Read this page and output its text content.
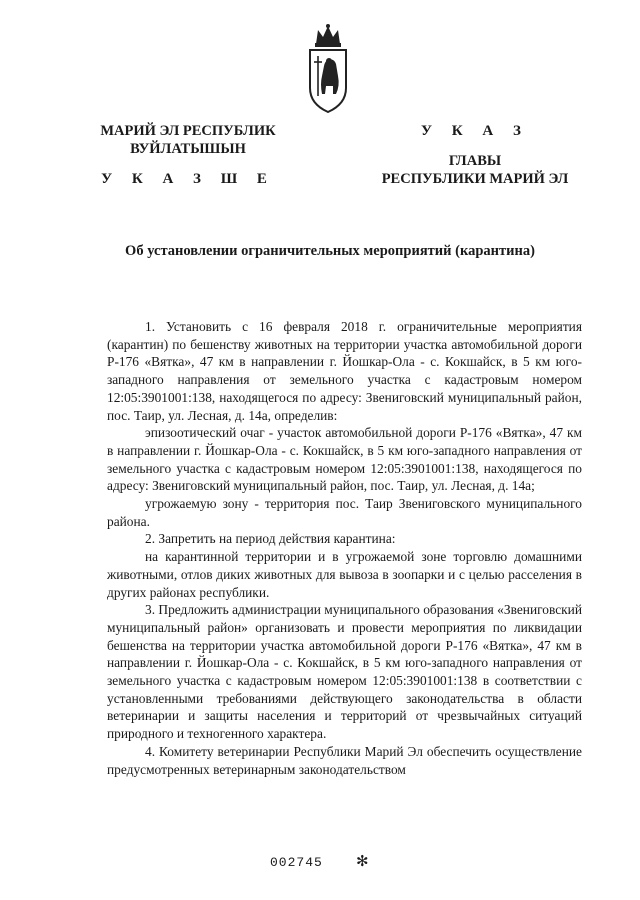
МАРИЙ ЭЛ РЕСПУБЛИК
ВУЙЛАТЫШЫН
У К А З Ш Е
У К А З
ГЛАВЫ
РЕСПУБЛИКИ МАРИЙ ЭЛ
Об установлении ограничительных мероприятий (карантина)

1. Установить с 16 февраля 2018 г. ограничительные мероприятия (карантин) по бешенству животных на территории участка автомобильной дороги Р-176 «Вятка», 47 км в направлении г. Йошкар-Ола - с. Кокшайск, в 5 км юго-западного направления от земельного участка с кадастровым номером 12:05:3901001:138, находящегося по адресу: Звениговский муниципальный район, пос. Таир, ул. Лесная, д. 14а, определив:

эпизоотический очаг - участок автомобильной дороги Р-176 «Вятка», 47 км в направлении г. Йошкар-Ола - с. Кокшайск, в 5 км юго-западного направления от земельного участка с кадастровым номером 12:05:3901001:138, находящегося по адресу: Звениговский муниципальный район, пос. Таир, ул. Лесная, д. 14а;

угрожаемую зону - территория пос. Таир Звениговского муниципального района.

2. Запретить на период действия карантина:

на карантинной территории и в угрожаемой зоне торговлю домашними животными, отлов диких животных для вывоза в зоопарки и с целью расселения в других районах республики.

3. Предложить администрации муниципального образования «Звениговский муниципальный район» организовать и провести мероприятия по ликвидации бешенства на территории участка автомобильной дороги Р-176 «Вятка», 47 км в направлении г. Йошкар-Ола - с. Кокшайск, в 5 км юго-западного направления от земельного участка с кадастровым номером 12:05:3901001:138 в соответствии с установленными требованиями действующего законодательства в области ветеринарии и защиты населения и территорий от чрезвычайных ситуаций природного и техногенного характера.

4. Комитету ветеринарии Республики Марий Эл обеспечить осуществление предусмотренных ветеринарным законодательством

002745 ✻
